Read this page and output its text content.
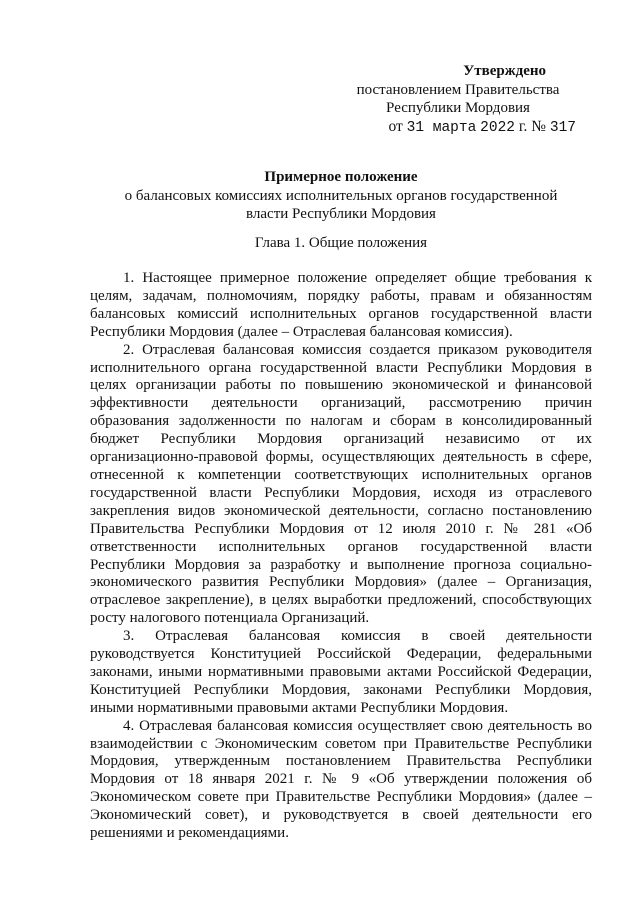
Утверждено
постановлением Правительства
Республики Мордовия
от 31 марта 2022 г. № 317
Примерное положение
о балансовых комиссиях исполнительных органов государственной
власти Республики Мордовия
Глава 1. Общие положения

1. Настоящее примерное положение определяет общие требования к целям, задачам, полномочиям, порядку работы, правам и обязанностям балансовых комиссий исполнительных органов государственной власти Республики Мордовия (далее – Отраслевая балансовая комиссия).

2. Отраслевая балансовая комиссия создается приказом руководителя исполнительного органа государственной власти Республики Мордовия в целях организации работы по повышению экономической и финансовой эффективности деятельности организаций, рассмотрению причин образования задолженности по налогам и сборам в консолидированный бюджет Республики Мордовия организаций независимо от их организационно-правовой формы, осуществляющих деятельность в сфере, отнесенной к компетенции соответствующих исполнительных органов государственной власти Республики Мордовия, исходя из отраслевого закрепления видов экономической деятельности, согласно постановлению Правительства Республики Мордовия от 12 июля 2010 г. № 281 «Об ответственности исполнительных органов государственной власти Республики Мордовия за разработку и выполнение прогноза социально-экономического развития Республики Мордовия» (далее – Организация, отраслевое закрепление), в целях выработки предложений, способствующих росту налогового потенциала Организаций.

3. Отраслевая балансовая комиссия в своей деятельности руководствуется Конституцией Российской Федерации, федеральными законами, иными нормативными правовыми актами Российской Федерации, Конституцией Республики Мордовия, законами Республики Мордовия, иными нормативными правовыми актами Республики Мордовия.

4. Отраслевая балансовая комиссия осуществляет свою деятельность во взаимодействии с Экономическим советом при Правительстве Республики Мордовия, утвержденным постановлением Правительства Республики Мордовия от 18 января 2021 г. № 9 «Об утверждении положения об Экономическом совете при Правительстве Республики Мордовия» (далее – Экономический совет), и руководствуется в своей деятельности его решениями и рекомендациями.
